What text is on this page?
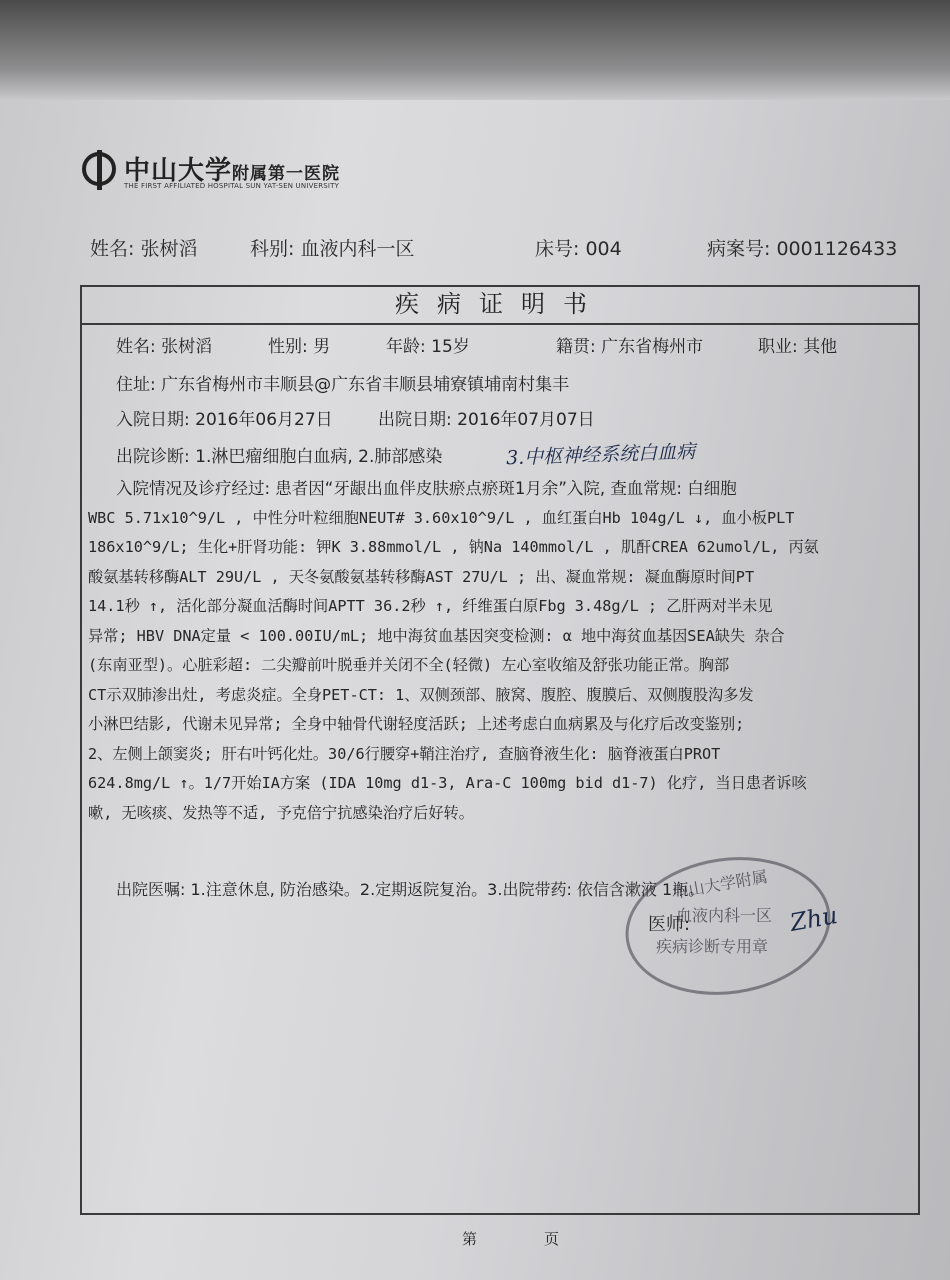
中山大学附属第一医院
THE FIRST AFFILIATED HOSPITAL SUN YAT-SEN UNIVERSITY
姓名: 张树滔	科别: 血液内科一区	床号: 004	病案号: 0001126433
疾病证明书
姓名: 张树滔	性别: 男	年龄: 15岁	籍贯: 广东省梅州市	职业: 其他
住址: 广东省梅州市丰顺县@广东省丰顺县埔寮镇埔南村集丰
入院日期: 2016年06月27日	出院日期: 2016年07月07日
出院诊断: 1.淋巴瘤细胞白血病, 2.肺部感染	3.中枢神经系统白血病

入院情况及诊疗经过: 患者因“牙龈出血伴皮肤瘀点瘀斑1月余”入院, 查血常规: 白细胞

WBC 5.71x10^9/L , 中性分叶粒细胞NEUT# 3.60x10^9/L , 血红蛋白Hb 104g/L ↓, 血小板PLT

186x10^9/L; 生化+肝肾功能: 钾K 3.88mmol/L , 钠Na 140mmol/L , 肌酐CREA 62umol/L, 丙氨

酸氨基转移酶ALT 29U/L , 天冬氨酸氨基转移酶AST 27U/L ; 出、凝血常规: 凝血酶原时间PT

14.1秒 ↑, 活化部分凝血活酶时间APTT 36.2秒 ↑, 纤维蛋白原Fbg 3.48g/L ; 乙肝两对半未见

异常; HBV DNA定量 < 100.00IU/mL; 地中海贫血基因突变检测: α 地中海贫血基因SEA缺失 杂合

(东南亚型)。心脏彩超: 二尖瓣前叶脱垂并关闭不全(轻微) 左心室收缩及舒张功能正常。胸部

CT示双肺渗出灶, 考虑炎症。全身PET-CT: 1、双侧颈部、腋窝、腹腔、腹膜后、双侧腹股沟多发

小淋巴结影, 代谢未见异常; 全身中轴骨代谢轻度活跃; 上述考虑白血病累及与化疗后改变鉴别;

2、左侧上颌窦炎; 肝右叶钙化灶。30/6行腰穿+鞘注治疗, 查脑脊液生化: 脑脊液蛋白PROT

624.8mg/L ↑。1/7开始IA方案 (IDA 10mg d1-3, Ara-C 100mg bid d1-7) 化疗, 当日患者诉咳

嗽, 无咳痰、发热等不适, 予克倍宁抗感染治疗后好转。

出院医嘱: 1.注意休息, 防治感染。2.定期返院复治。3.出院带药: 依信含漱液 1瓶。
医师:
中山大学附属
血液内科一区
疾病诊断专用章
Zhu
第	页
